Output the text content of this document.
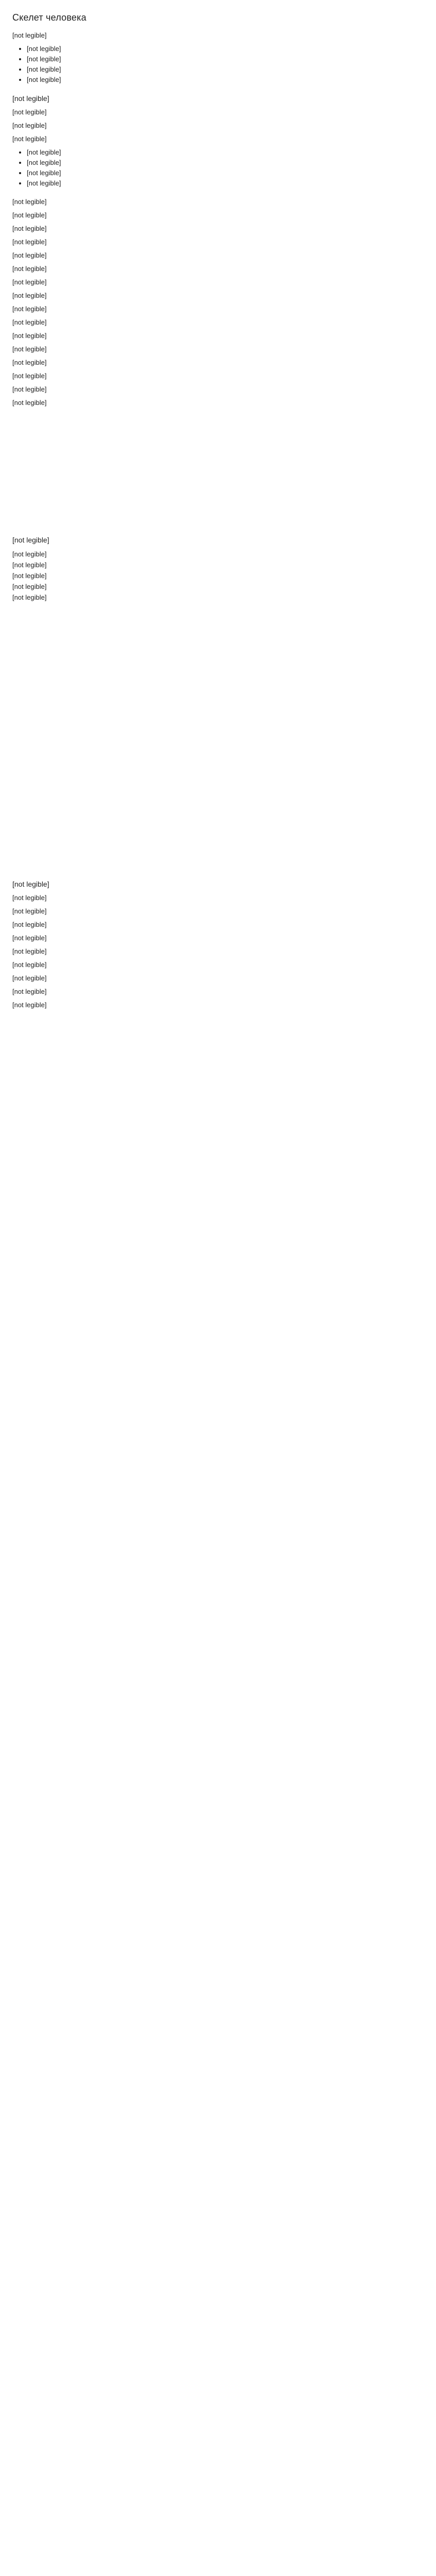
Скелет человека

[not legible]

• [not legible]
• [not legible]
• [not legible]
• [not legible]
[not legible]

[not legible]

[not legible]

[not legible]

• [not legible]
• [not legible]
• [not legible]
• [not legible]

[not legible]

[not legible]

[not legible]

[not legible]

[not legible]

[not legible]

[not legible]

[not legible]

[not legible]

[not legible]

[not legible]

[not legible]

[not legible]

[not legible]

[not legible]

[not legible]

[not legible]
[not legible]
[not legible]
[not legible]
[not legible]
[not legible]
[not legible]

[not legible]

[not legible]

[not legible]

[not legible]

[not legible]

[not legible]

[not legible]

[not legible]

[not legible]
